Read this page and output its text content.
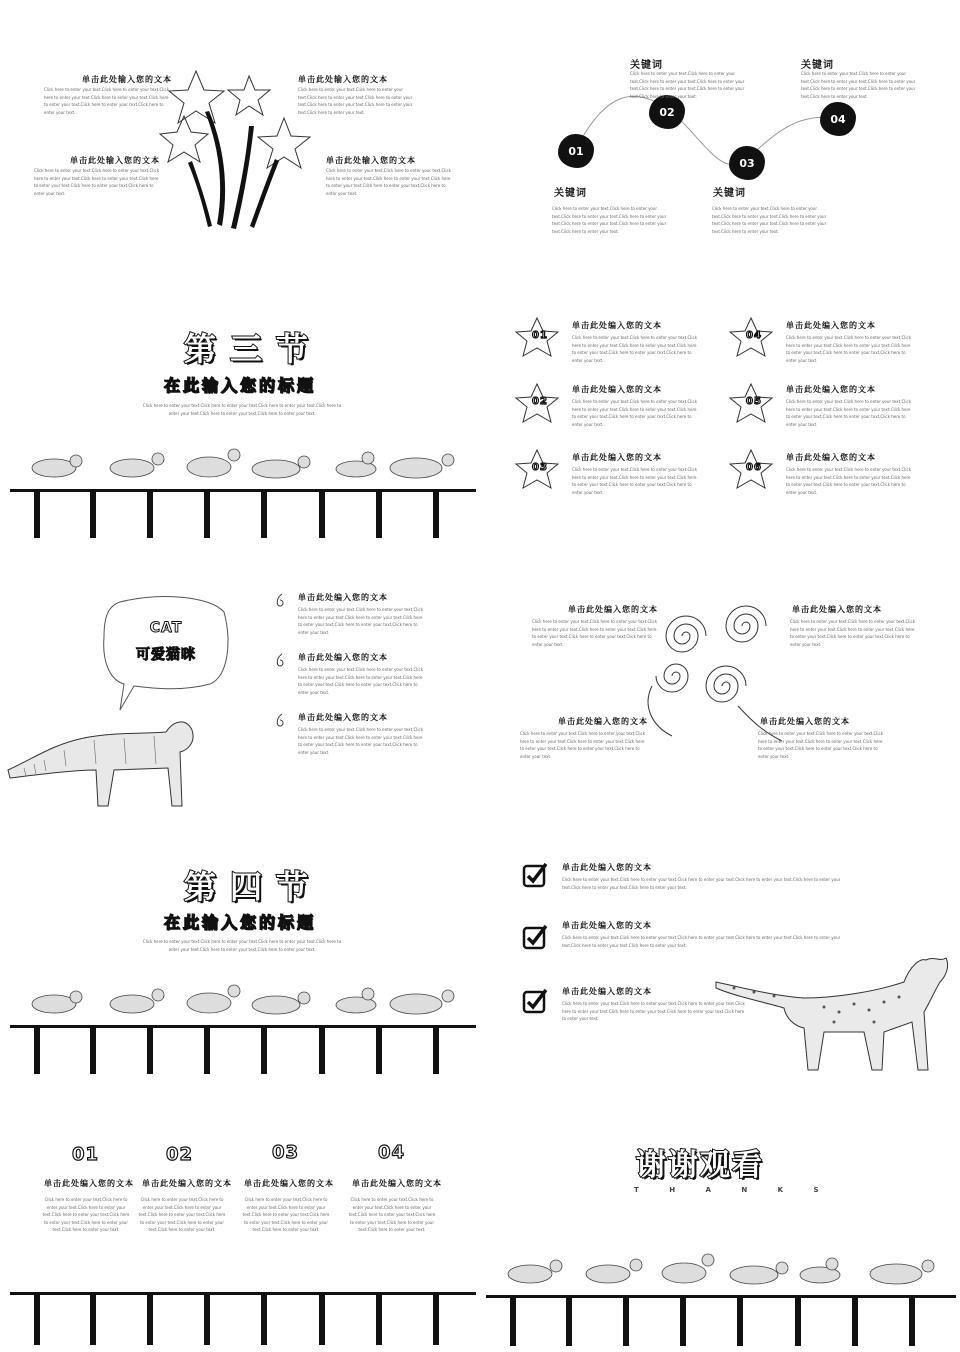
单击此处输入您的文本
Click here to enter your text.Click here to enter your text.Click here to enter your text.Click here to enter your text.Click here to enter your text.Click here to enter your text.Click here to enter your text.
单击此处输入您的文本
Click here to enter your text.Click here to enter your text.Click here to enter your text.Click here to enter your text.Click here to enter your text.Click here to enter your text.Click here to enter your text.
单击此处输入您的文本
Click here to enter your text.Click here to enter your text.Click here to enter your text.Click here to enter your text.Click here to enter your text.Click here to enter your text.Click here to enter your text.
单击此处输入您的文本
Click here to enter your text.Click here to enter your text.Click here to enter your text.Click here to enter your text.Click here to enter your text.Click here to enter your text.Click here to enter your text.
01
02
03
04
关键词
Click here to enter your text.Click here to enter your text.Click here to enter your text.Click here to enter your text.Click here to enter your text.Click here to enter your text.Click here to enter your text.
关键词
Click here to enter your text.Click here to enter your text.Click here to enter your text.Click here to enter your text.Click here to enter your text.Click here to enter your text.Click here to enter your text.
关键词
Click here to enter your text.Click here to enter your text.Click here to enter your text.Click here to enter your text.Click here to enter your text.Click here to enter your text.Click here to enter your text.
关键词
Click here to enter your text.Click here to enter your text.Click here to enter your text.Click here to enter your text.Click here to enter your text.Click here to enter your text.Click here to enter your text.
第三节
在此输入您的标题
Click here to enter your text.Click here to enter your text.Click here to enter your text.Click here to enter your text.Click here to enter your text.Click here to enter your text.
01
单击此处编入您的文本
Click here to enter your text.Click here to enter your text.Click here to enter your text.Click here to enter your text.Click here to enter your text.Click here to enter your text.Click here to enter your text.
02
单击此处编入您的文本
Click here to enter your text.Click here to enter your text.Click here to enter your text.Click here to enter your text.Click here to enter your text.Click here to enter your text.Click here to enter your text.
03
单击此处编入您的文本
Click here to enter your text.Click here to enter your text.Click here to enter your text.Click here to enter your text.Click here to enter your text.Click here to enter your text.Click here to enter your text.
04
单击此处编入您的文本
Click here to enter your text.Click here to enter your text.Click here to enter your text.Click here to enter your text.Click here to enter your text.Click here to enter your text.Click here to enter your text.
05
单击此处编入您的文本
Click here to enter your text.Click here to enter your text.Click here to enter your text.Click here to enter your text.Click here to enter your text.Click here to enter your text.Click here to enter your text.
06
单击此处编入您的文本
Click here to enter your text.Click here to enter your text.Click here to enter your text.Click here to enter your text.Click here to enter your text.Click here to enter your text.Click here to enter your text.
CAT
可爱猫咪
单击此处编入您的文本
Click here to enter your text.Click here to enter your text.Click here to enter your text.Click here to enter your text.Click here to enter your text.Click here to enter your text.Click here to enter your text.
单击此处编入您的文本
Click here to enter your text.Click here to enter your text.Click here to enter your text.Click here to enter your text.Click here to enter your text.Click here to enter your text.Click here to enter your text.
单击此处编入您的文本
Click here to enter your text.Click here to enter your text.Click here to enter your text.Click here to enter your text.Click here to enter your text.Click here to enter your text.Click here to enter your text.
单击此处编入您的文本
Click here to enter your text.Click here to enter your text.Click here to enter your text.Click here to enter your text.Click here to enter your text.Click here to enter your text.Click here to enter your text.
单击此处编入您的文本
Click here to enter your text.Click here to enter your text.Click here to enter your text.Click here to enter your text.Click here to enter your text.Click here to enter your text.Click here to enter your text.
单击此处编入您的文本
Click here to enter your text.Click here to enter your text.Click here to enter your text.Click here to enter your text.Click here to enter your text.Click here to enter your text.Click here to enter your text.
单击此处编入您的文本
Click here to enter your text.Click here to enter your text.Click here to enter your text.Click here to enter your text.Click here to enter your text.Click here to enter your text.Click here to enter your text.
第四节
在此输入您的标题
Click here to enter your text.Click here to enter your text.Click here to enter your text.Click here to enter your text.Click here to enter your text.Click here to enter your text.
单击此处编入您的文本
Click here to enter your text.Click here to enter your text.Click here to enter your text.Click here to enter your text.Click here to enter your text.Click here to enter your text.Click here to enter your text.
单击此处编入您的文本
Click here to enter your text.Click here to enter your text.Click here to enter your text.Click here to enter your text.Click here to enter your text.Click here to enter your text.Click here to enter your text.
单击此处编入您的文本
Click here to enter your text.Click here to enter your text.Click here to enter your text.Click here to enter your text.Click here to enter your text.Click here to enter your text.Click here to enter your text.
01
单击此处编入您的文本
Click here to enter your text.Click here to enter your text.Click here to enter your text.Click here to enter your text.Click here to enter your text.Click here to enter your text.Click here to enter your text.
02
单击此处编入您的文本
Click here to enter your text.Click here to enter your text.Click here to enter your text.Click here to enter your text.Click here to enter your text.Click here to enter your text.Click here to enter your text.
03
单击此处编入您的文本
Click here to enter your text.Click here to enter your text.Click here to enter your text.Click here to enter your text.Click here to enter your text.Click here to enter your text.Click here to enter your text.
04
单击此处编入您的文本
Click here to enter your text.Click here to enter your text.Click here to enter your text.Click here to enter your text.Click here to enter your text.Click here to enter your text.Click here to enter your text.
谢谢观看
T H A N K S
